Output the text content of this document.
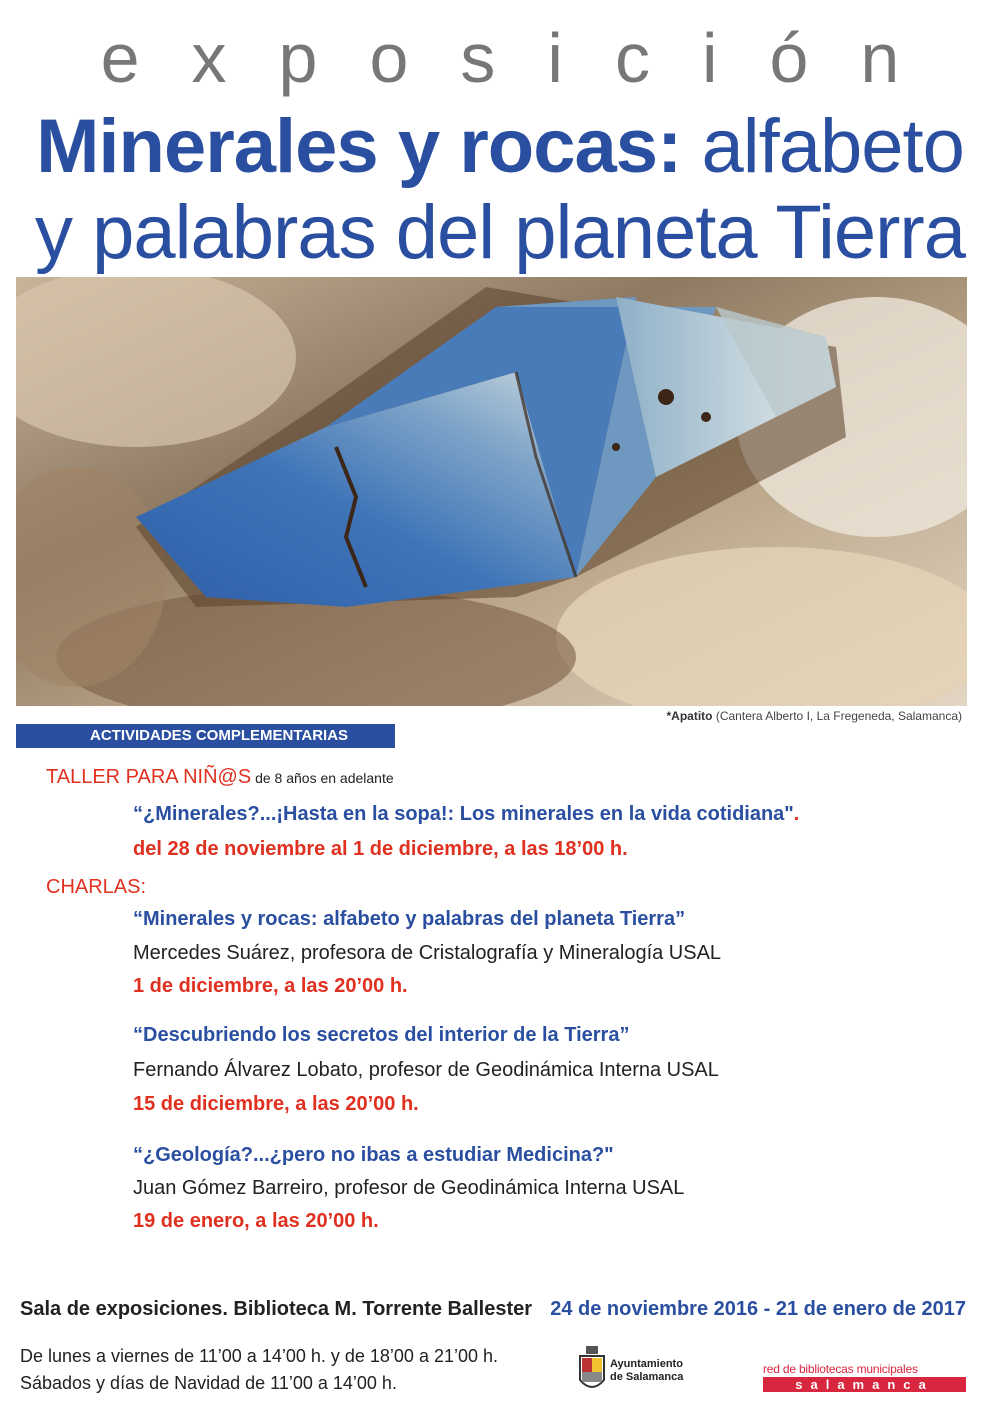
exposición
Minerales y rocas: alfabeto
y palabras del planeta Tierra
*Apatito (Cantera Alberto I, La Fregeneda, Salamanca)
ACTIVIDADES COMPLEMENTARIAS
TALLER PARA NIÑ@S de 8 años en adelante
“¿Minerales?...¡Hasta en la sopa!: Los minerales en la vida cotidiana".
del 28 de noviembre al 1 de diciembre, a las 18’00 h.
CHARLAS:
“Minerales y rocas: alfabeto y palabras del planeta Tierra”
Mercedes Suárez, profesora de Cristalografía y Mineralogía USAL
1 de diciembre, a las 20’00 h.
“Descubriendo los secretos del interior de la Tierra”
Fernando Álvarez Lobato, profesor de Geodinámica Interna USAL
15 de diciembre, a las 20’00 h.
“¿Geología?...¿pero no ibas a estudiar Medicina?"
Juan Gómez Barreiro, profesor de Geodinámica Interna USAL
19 de enero, a las 20’00 h.
Sala de exposiciones. Biblioteca M. Torrente Ballester 24 de noviembre 2016 - 21 de enero de 2017
De lunes a viernes de 11’00 a 14’00 h. y de 18’00 a 21’00 h.
Sábados y días de Navidad de 11’00 a 14’00 h.
Ayuntamiento
de Salamanca
red de bibliotecas municipales
salamanca
